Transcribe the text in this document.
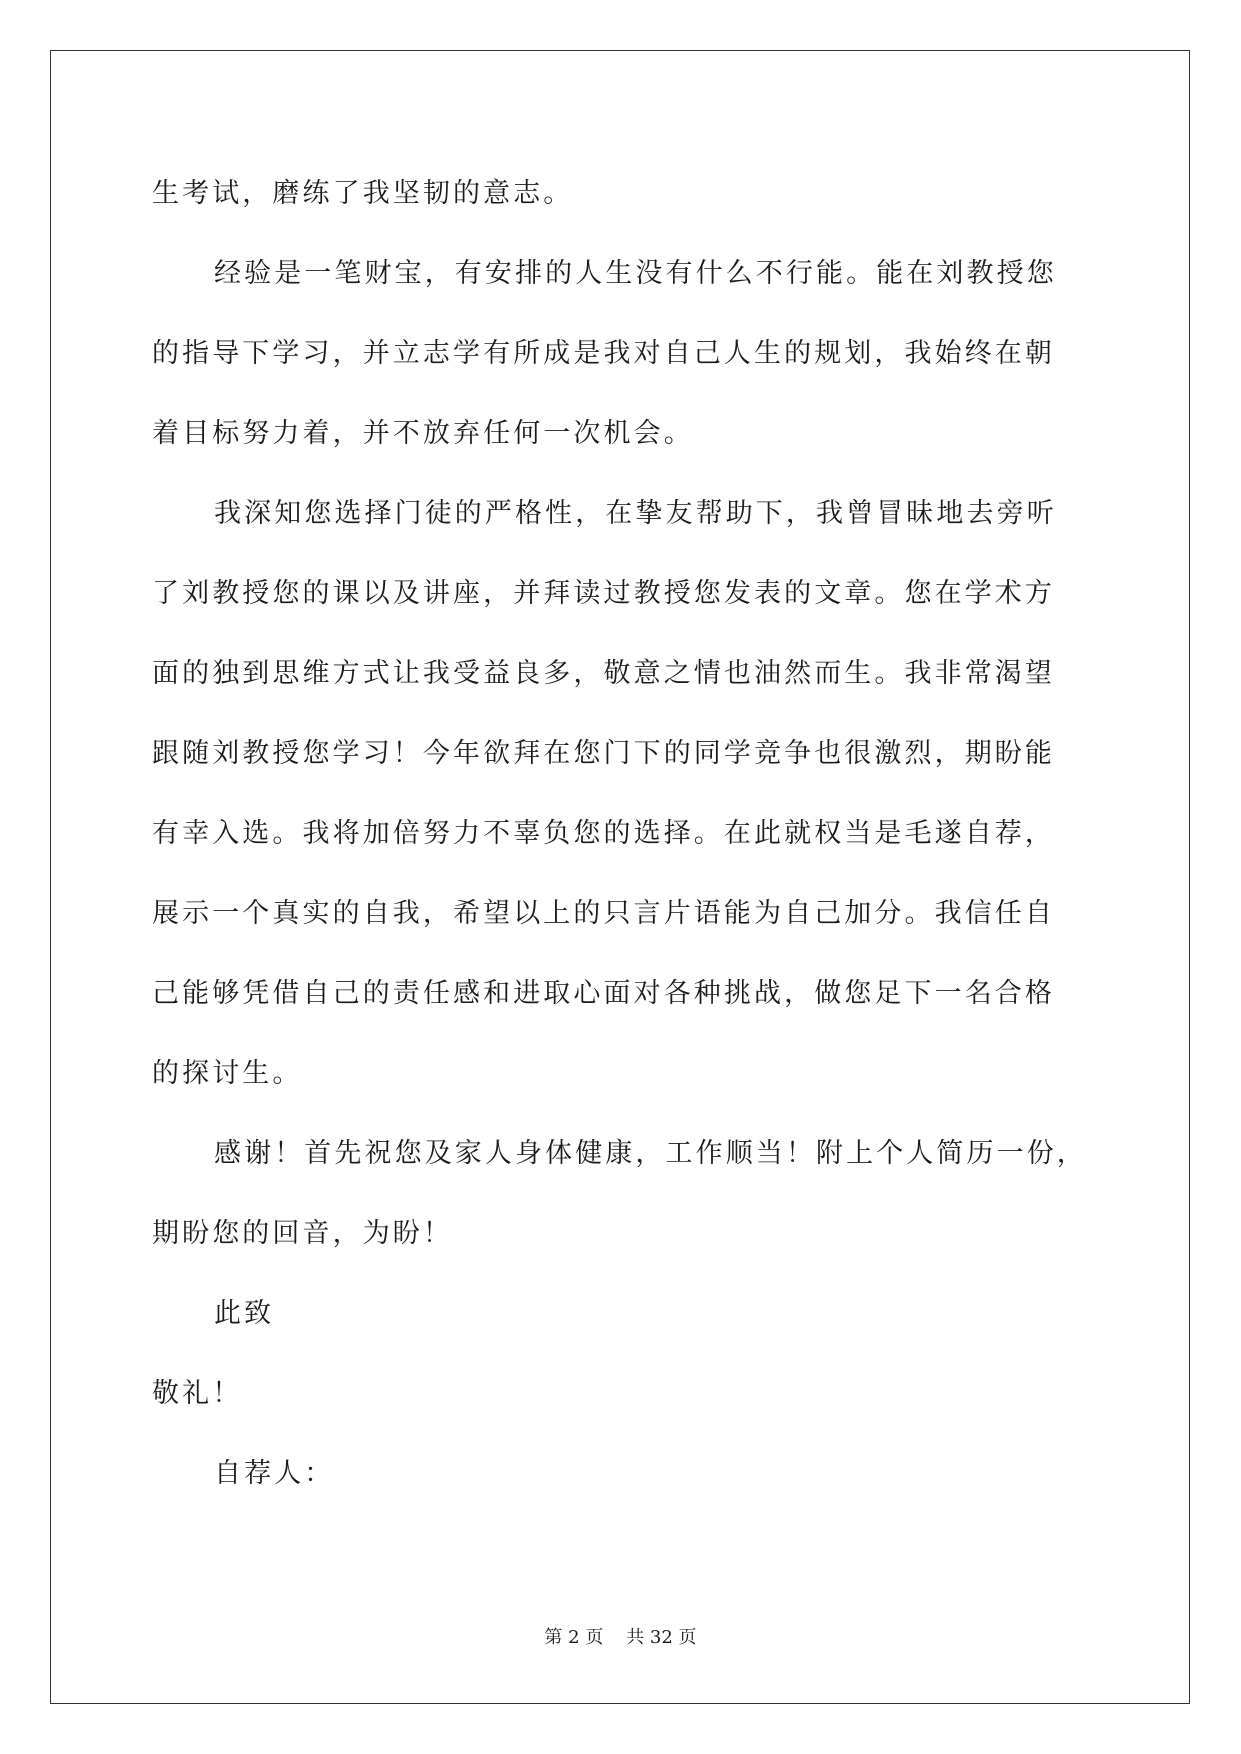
生考试，磨练了我坚韧的意志。
经验是一笔财宝，有安排的人生没有什么不行能。能在刘教授您
的指导下学习，并立志学有所成是我对自己人生的规划，我始终在朝
着目标努力着，并不放弃任何一次机会。
我深知您选择门徒的严格性，在挚友帮助下，我曾冒昧地去旁听
了刘教授您的课以及讲座，并拜读过教授您发表的文章。您在学术方
面的独到思维方式让我受益良多，敬意之情也油然而生。我非常渴望
跟随刘教授您学习！今年欲拜在您门下的同学竞争也很激烈，期盼能
有幸入选。我将加倍努力不辜负您的选择。在此就权当是毛遂自荐，
展示一个真实的自我，希望以上的只言片语能为自己加分。我信任自
己能够凭借自己的责任感和进取心面对各种挑战，做您足下一名合格
的探讨生。
感谢！首先祝您及家人身体健康，工作顺当！附上个人简历一份，
期盼您的回音，为盼！
此致
敬礼！
自荐人：
第 2 页    共 32 页
